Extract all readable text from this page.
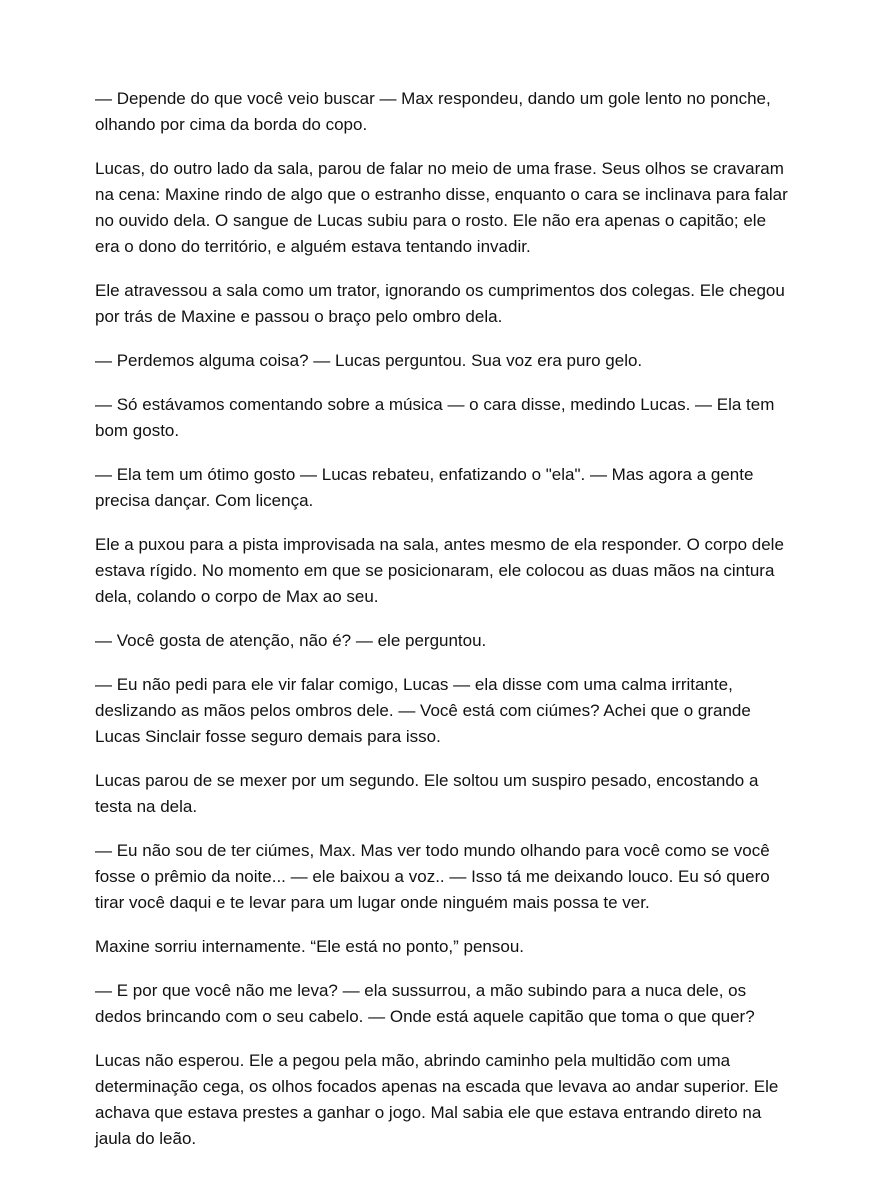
— Depende do que você veio buscar — Max respondeu, dando um gole lento no ponche, olhando por cima da borda do copo.

Lucas, do outro lado da sala, parou de falar no meio de uma frase. Seus olhos se cravaram na cena: Maxine rindo de algo que o estranho disse, enquanto o cara se inclinava para falar no ouvido dela. O sangue de Lucas subiu para o rosto. Ele não era apenas o capitão; ele era o dono do território, e alguém estava tentando invadir.

Ele atravessou a sala como um trator, ignorando os cumprimentos dos colegas. Ele chegou por trás de Maxine e passou o braço pelo ombro dela.

— Perdemos alguma coisa? — Lucas perguntou. Sua voz era puro gelo.

— Só estávamos comentando sobre a música — o cara disse, medindo Lucas. — Ela tem bom gosto.

— Ela tem um ótimo gosto — Lucas rebateu, enfatizando o "ela". — Mas agora a gente precisa dançar. Com licença.

Ele a puxou para a pista improvisada na sala, antes mesmo de ela responder. O corpo dele estava rígido. No momento em que se posicionaram, ele colocou as duas mãos na cintura dela, colando o corpo de Max ao seu.

— Você gosta de atenção, não é? — ele perguntou.

— Eu não pedi para ele vir falar comigo, Lucas — ela disse com uma calma irritante, deslizando as mãos pelos ombros dele. — Você está com ciúmes? Achei que o grande Lucas Sinclair fosse seguro demais para isso.

Lucas parou de se mexer por um segundo. Ele soltou um suspiro pesado, encostando a testa na dela.

— Eu não sou de ter ciúmes, Max. Mas ver todo mundo olhando para você como se você fosse o prêmio da noite... — ele baixou a voz.. — Isso tá me deixando louco. Eu só quero tirar você daqui e te levar para um lugar onde ninguém mais possa te ver.

Maxine sorriu internamente. “Ele está no ponto,” pensou.

— E por que você não me leva? — ela sussurrou, a mão subindo para a nuca dele, os dedos brincando com o seu cabelo. — Onde está aquele capitão que toma o que quer?

Lucas não esperou. Ele a pegou pela mão, abrindo caminho pela multidão com uma determinação cega, os olhos focados apenas na escada que levava ao andar superior. Ele achava que estava prestes a ganhar o jogo. Mal sabia ele que estava entrando direto na jaula do leão.
